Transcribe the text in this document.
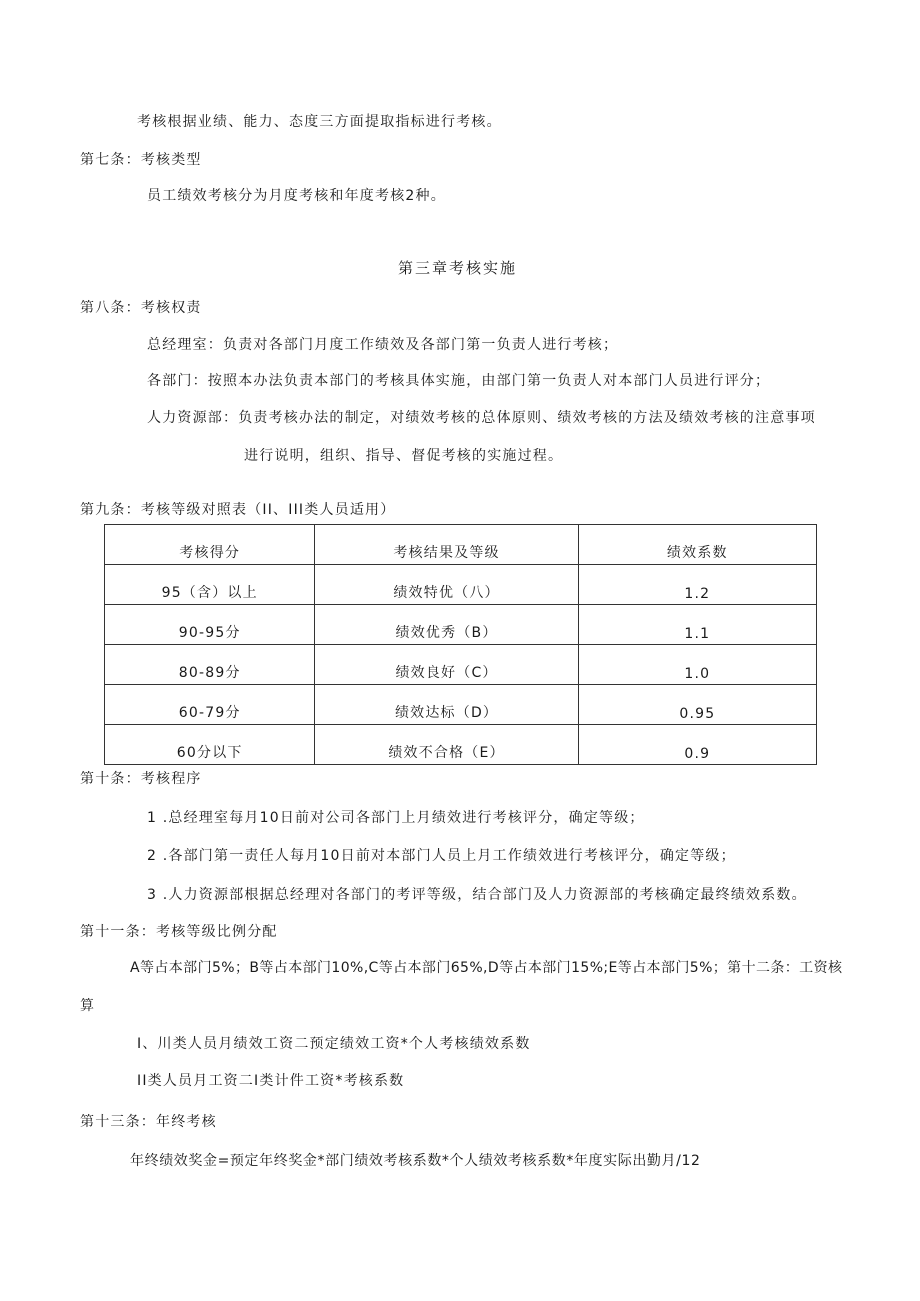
考核根据业绩、能力、态度三方面提取指标进行考核。
第七条：考核类型
员工绩效考核分为月度考核和年度考核2种。
第三章考核实施
第八条：考核权责
总经理室：负责对各部门月度工作绩效及各部门第一负责人进行考核；
各部门：按照本办法负责本部门的考核具体实施，由部门第一负责人对本部门人员进行评分；
人力资源部：负责考核办法的制定，对绩效考核的总体原则、绩效考核的方法及绩效考核的注意事项
进行说明，组织、指导、督促考核的实施过程。
第九条：考核等级对照表（II、III类人员适用）
考核得分	考核结果及等级	绩效系数
95（含）以上	绩效特优（八）	1.2
90-95分	绩效优秀（B）	1.1
80-89分	绩效良好（C）	1.0
60-79分	绩效达标（D）	0.95
60分以下	绩效不合格（E）	0.9
第十条：考核程序
1 .总经理室每月10日前对公司各部门上月绩效进行考核评分，确定等级；
2 .各部门第一责任人每月10日前对本部门人员上月工作绩效进行考核评分，确定等级；
3 .人力资源部根据总经理对各部门的考评等级，结合部门及人力资源部的考核确定最终绩效系数。
第十一条：考核等级比例分配
A等占本部门5%；B等占本部门10%,C等占本部门65%,D等占本部门15%;E等占本部门5%；第十二条：工资核
算
I、川类人员月绩效工资二预定绩效工资*个人考核绩效系数
II类人员月工资二I类计件工资*考核系数
第十三条：年终考核
年终绩效奖金=预定年终奖金*部门绩效考核系数*个人绩效考核系数*年度实际出勤月/12
